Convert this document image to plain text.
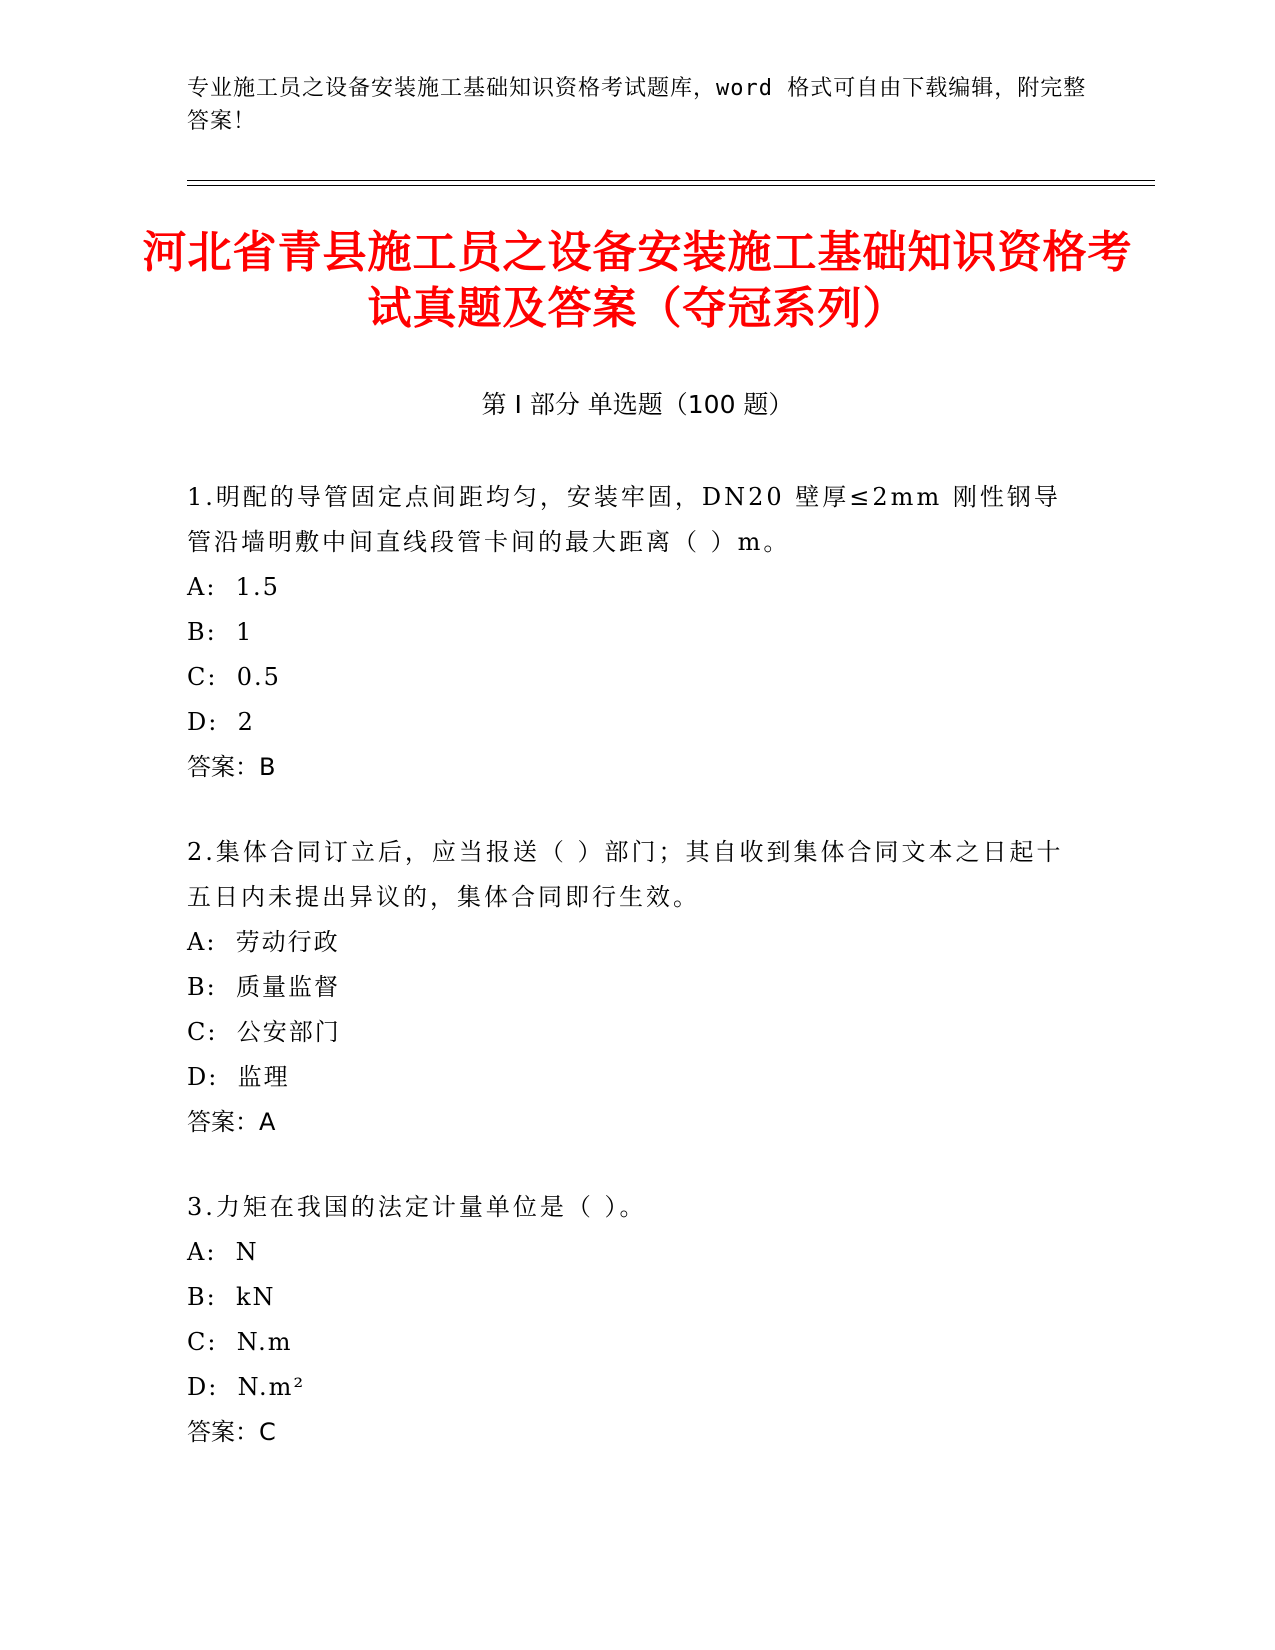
专业施工员之设备安装施工基础知识资格考试题库，word 格式可自由下载编辑，附完整答案！
河北省青县施工员之设备安装施工基础知识资格考试真题及答案（夺冠系列）
第 I 部分 单选题（100 题）

1.明配的导管固定点间距均匀，安装牢固，DN20 壁厚≤2mm 刚性钢导管沿墙明敷中间直线段管卡间的最大距离（ ）m。

A:  1.5

B:  1

C:  0.5

D:  2

答案：B

2.集体合同订立后，应当报送（ ）部门；其自收到集体合同文本之日起十五日内未提出异议的，集体合同即行生效。

A:  劳动行政

B:  质量监督

C:  公安部门

D:  监理

答案：A

3.力矩在我国的法定计量单位是（ ）。

A:  N

B:  kN

C:  N.m

D:  N.m²

答案：C
